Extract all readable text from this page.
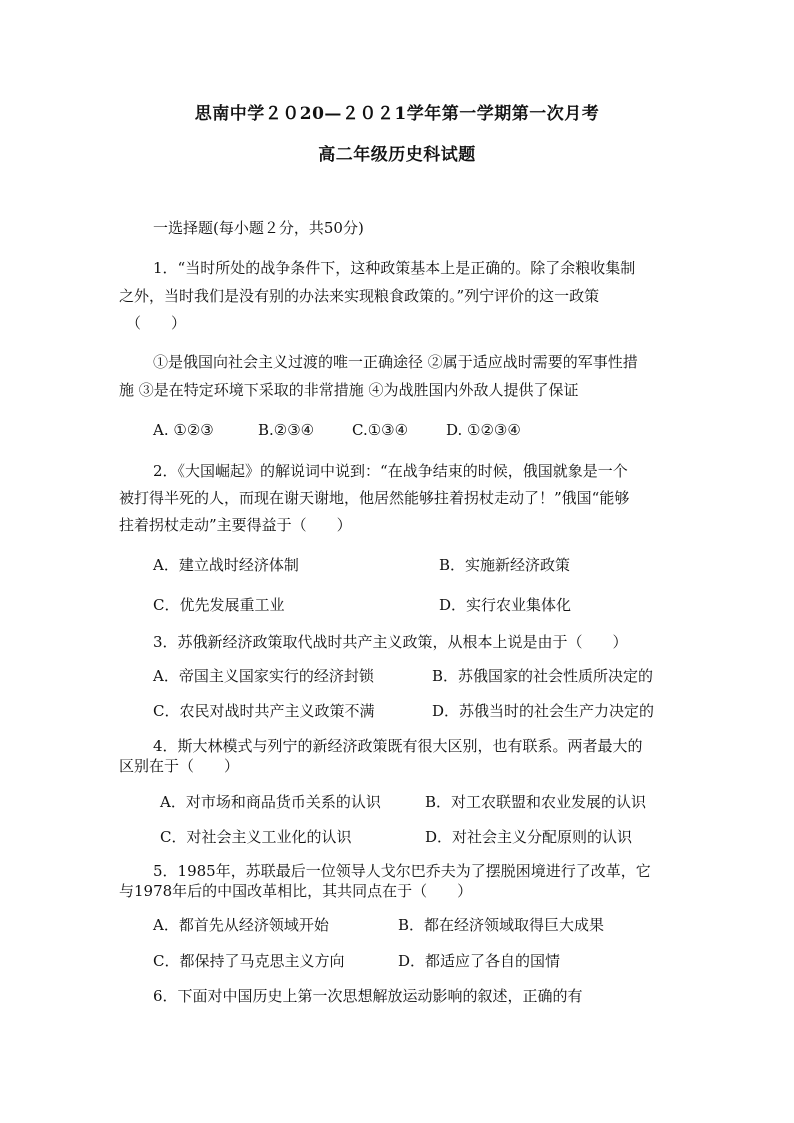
思南中学２０20—２０２1学年第一学期第一次月考
高二年级历史科试题
一选择题(每小题２分，共50分)
1．“当时所处的战争条件下，这种政策基本上是正确的。除了余粮收集制
之外，当时我们是没有别的办法来实现粮食政策的。”列宁评价的这一政策
（　　）
①是俄国向社会主义过渡的唯一正确途径 ②属于适应战时需要的军事性措
施 ③是在特定环境下采取的非常措施 ④为战胜国内外敌人提供了保证
A. ①②③	B.②③④	C.①③④	D. ①②③④
2．《大国崛起》的解说词中说到：“在战争结束的时候，俄国就象是一个
被打得半死的人，而现在谢天谢地，他居然能够拄着拐杖走动了！”俄国“能够
拄着拐杖走动”主要得益于（　　）
A．建立战时经济体制	B．实施新经济政策
C．优先发展重工业	D．实行农业集体化
3．苏俄新经济政策取代战时共产主义政策，从根本上说是由于（　　）
A．帝国主义国家实行的经济封锁	B．苏俄国家的社会性质所决定的
C．农民对战时共产主义政策不满	D．苏俄当时的社会生产力决定的
4．斯大林模式与列宁的新经济政策既有很大区别，也有联系。两者最大的
区别在于（　　）
A．对市场和商品货币关系的认识	B．对工农联盟和农业发展的认识
C．对社会主义工业化的认识	D．对社会主义分配原则的认识
5．1985年，苏联最后一位领导人戈尔巴乔夫为了摆脱困境进行了改革，它
与1978年后的中国改革相比，其共同点在于（　　）
A．都首先从经济领域开始	B．都在经济领域取得巨大成果
C．都保持了马克思主义方向	D．都适应了各自的国情
6．下面对中国历史上第一次思想解放运动影响的叙述，正确的有
